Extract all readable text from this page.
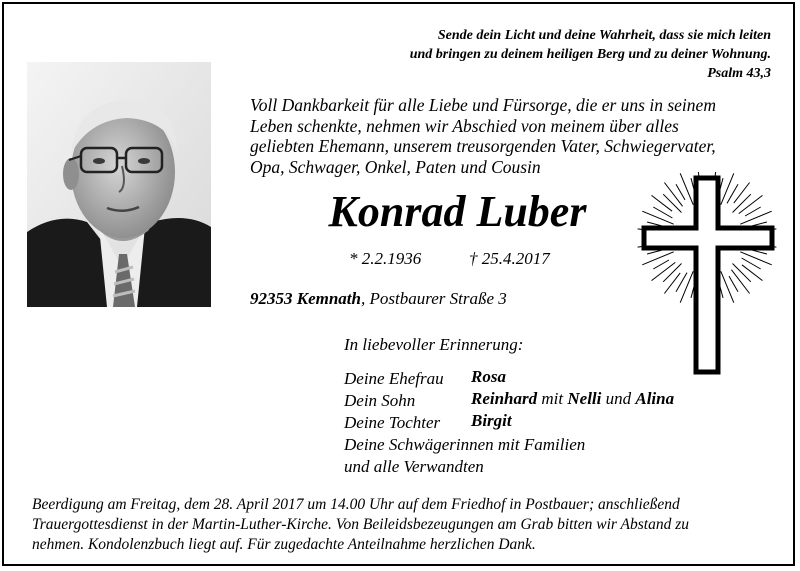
Sende dein Licht und deine Wahrheit, dass sie mich leiten
und bringen zu deinem heiligen Berg und zu deiner Wohnung.
Psalm 43,3
Voll Dankbarkeit für alle Liebe und Fürsorge, die er uns in seinem
Leben schenkte, nehmen wir Abschied von meinem über alles
geliebten Ehemann, unserem treusorgenden Vater, Schwiegervater,
Opa, Schwager, Onkel, Paten und Cousin
Konrad Luber
* 2.2.1936	† 25.4.2017
92353 Kemnath, Postbaurer Straße 3
In liebevoller Erinnerung:
Deine Ehefrau Rosa
Dein Sohn	Reinhard mit Nelli und Alina
Deine Tochter Birgit
Deine Schwägerinnen mit Familien
und alle Verwandten
Beerdigung am Freitag, dem 28. April 2017 um 14.00 Uhr auf dem Friedhof in Postbauer; anschließend
Trauergottesdienst in der Martin-Luther-Kirche. Von Beileidsbezeugungen am Grab bitten wir Abstand zu
nehmen. Kondolenzbuch liegt auf. Für zugedachte Anteilnahme herzlichen Dank.
